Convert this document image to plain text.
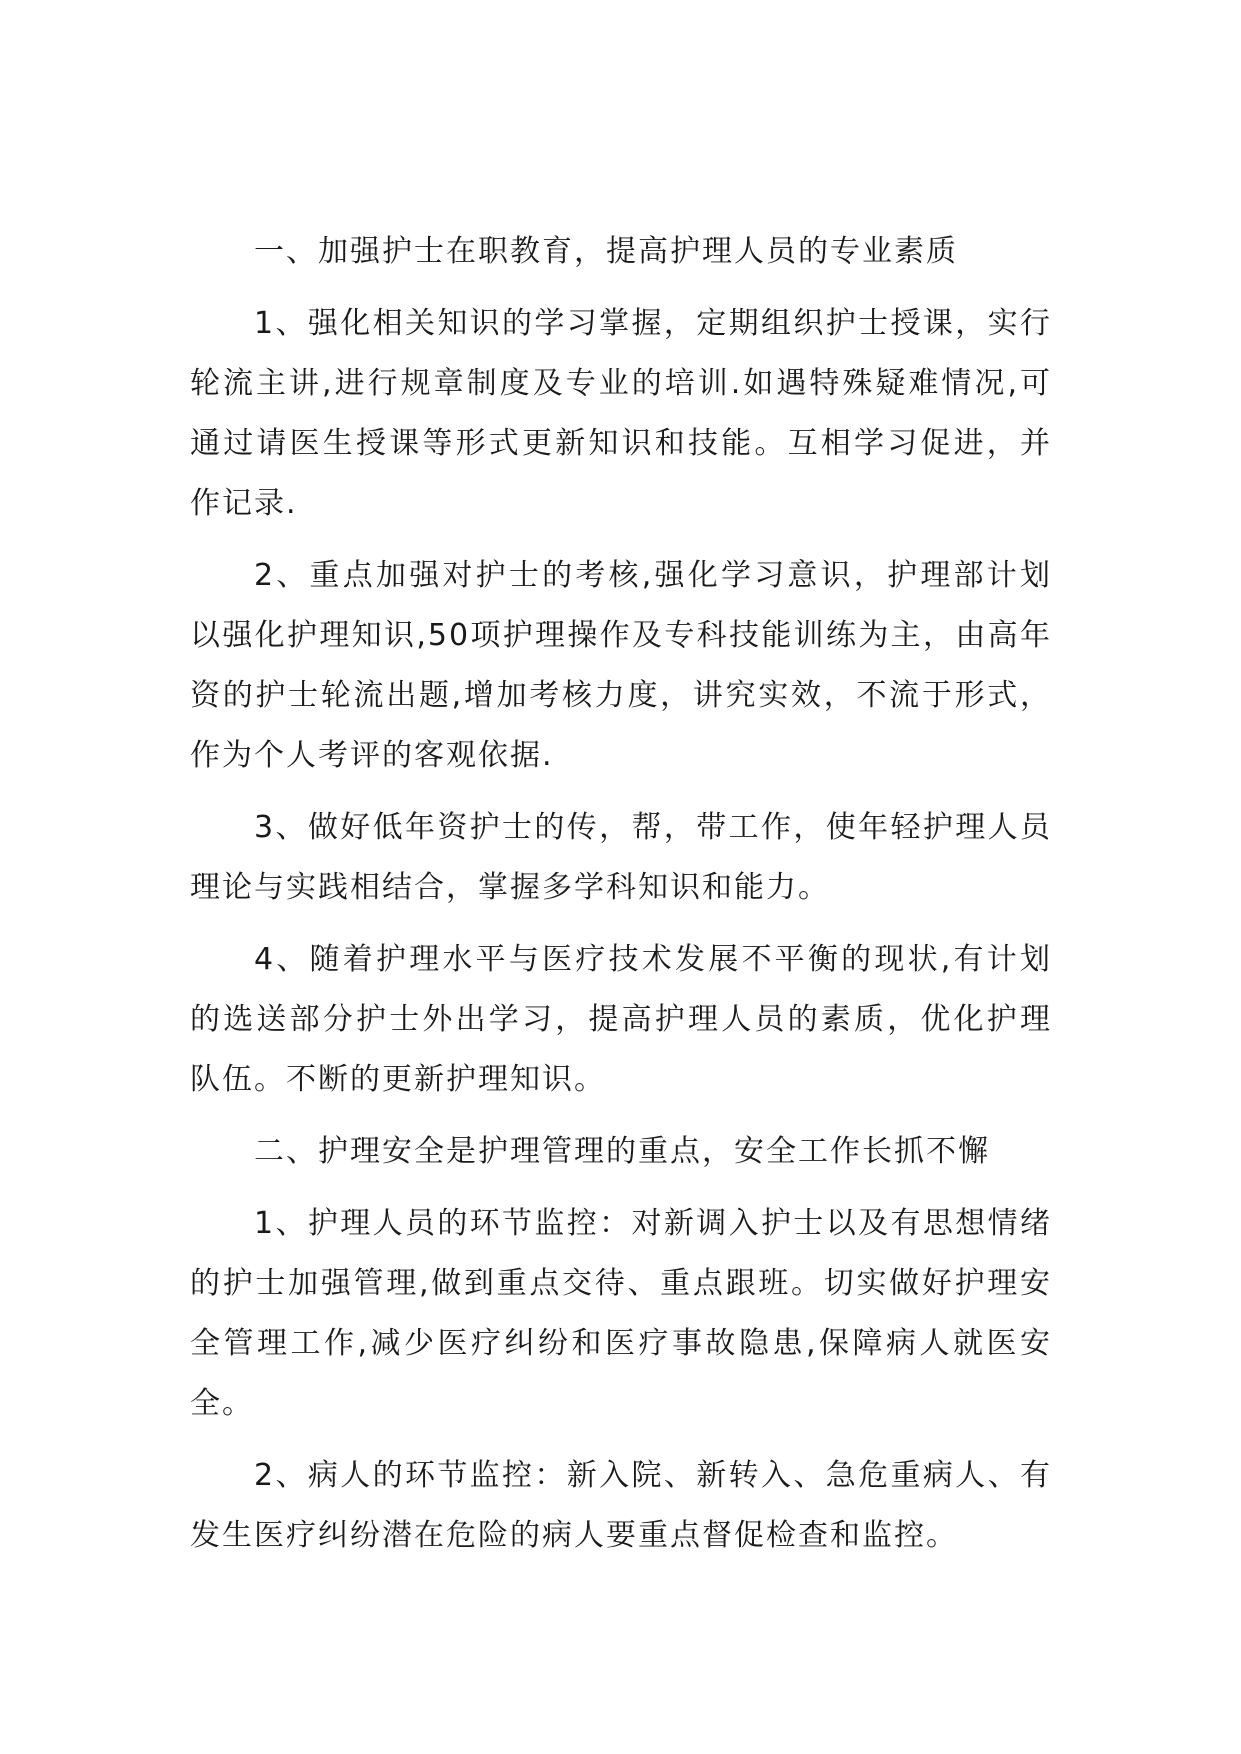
一、加强护士在职教育，提高护理人员的专业素质

1、强化相关知识的学习掌握，定期组织护士授课，实行轮流主讲,进行规章制度及专业的培训.如遇特殊疑难情况,可通过请医生授课等形式更新知识和技能。互相学习促进，并作记录.

2、重点加强对护士的考核,强化学习意识，护理部计划以强化护理知识,50项护理操作及专科技能训练为主，由高年资的护士轮流出题,增加考核力度，讲究实效，不流于形式，作为个人考评的客观依据.

3、做好低年资护士的传，帮，带工作，使年轻护理人员理论与实践相结合，掌握多学科知识和能力。

4、随着护理水平与医疗技术发展不平衡的现状,有计划的选送部分护士外出学习，提高护理人员的素质，优化护理队伍。不断的更新护理知识。

二、护理安全是护理管理的重点，安全工作长抓不懈

1、护理人员的环节监控：对新调入护士以及有思想情绪的护士加强管理,做到重点交待、重点跟班。切实做好护理安全管理工作,减少医疗纠纷和医疗事故隐患,保障病人就医安全。

2、病人的环节监控：新入院、新转入、急危重病人、有发生医疗纠纷潜在危险的病人要重点督促检查和监控。
